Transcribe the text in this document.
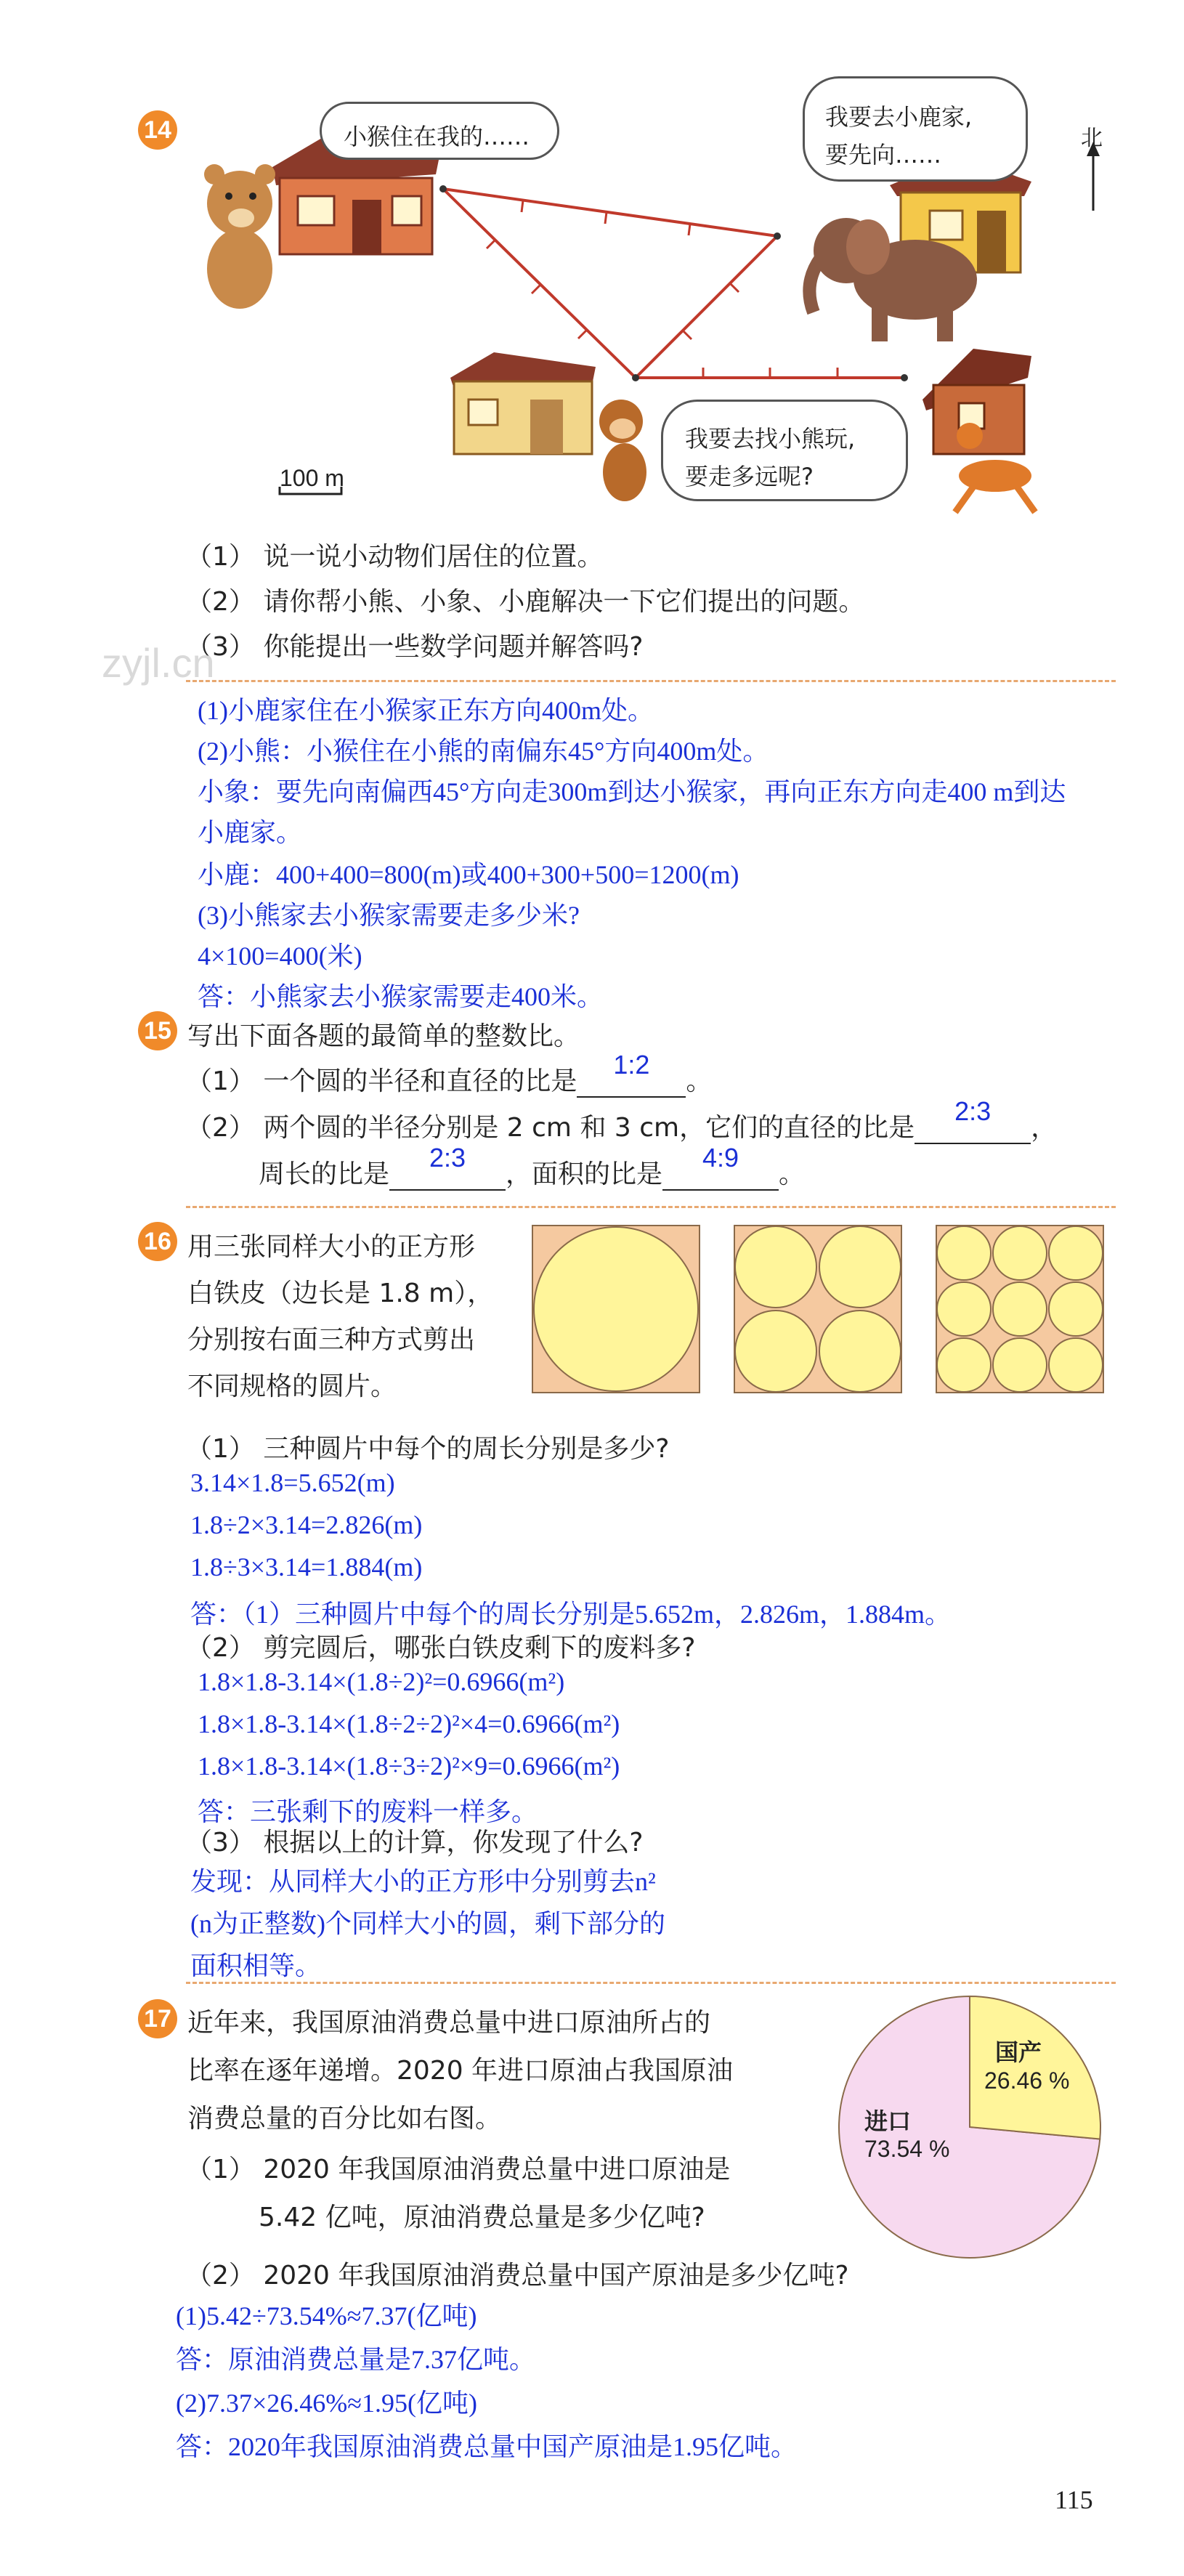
14	北
100 m
小猴住在我的……
我要去小鹿家,
要先向……
我要去找小熊玩,
要走多远呢?
（1） 说一说小动物们居住的位置。
（2） 请你帮小熊、小象、小鹿解决一下它们提出的问题。
（3） 你能提出一些数学问题并解答吗?
zyjl.cn
(1)小鹿家住在小猴家正东方向400m处。
(2)小熊：小猴住在小熊的南偏东45°方向400m处。
小象：要先向南偏西45°方向走300m到达小猴家，再向正东方向走400 m到达
小鹿家。
小鹿：400+400=800(m)或400+300+500=1200(m)
(3)小熊家去小猴家需要走多少米?
4×100=400(米)
答：小熊家去小猴家需要走400米。
15 写出下面各题的最简单的整数比。
（1） 一个圆的半径和直径的比是1:2。
（2） 两个圆的半径分别是 2 cm 和 3 cm，它们的直径的比是2:3，
周长的比是2:3，面积的比是4:9。
16 用三张同样大小的正方形
白铁皮（边长是 1.8 m），
分别按右面三种方式剪出
不同规格的圆片。
（1） 三种圆片中每个的周长分别是多少?
3.14×1.8=5.652(m)
1.8÷2×3.14=2.826(m)
1.8÷3×3.14=1.884(m)
答：（1）三种圆片中每个的周长分别是5.652m，2.826m，1.884m。
（2） 剪完圆后，哪张白铁皮剩下的废料多?
1.8×1.8-3.14×(1.8÷2)²=0.6966(m²)
1.8×1.8-3.14×(1.8÷2÷2)²×4=0.6966(m²)
1.8×1.8-3.14×(1.8÷3÷2)²×9=0.6966(m²)
答：三张剩下的废料一样多。
（3） 根据以上的计算，你发现了什么?
发现：从同样大小的正方形中分别剪去n²
(n为正整数)个同样大小的圆，剩下部分的
面积相等。
17 近年来，我国原油消费总量中进口原油所占的
比率在逐年递增。2020 年进口原油占我国原油
消费总量的百分比如右图。
（1） 2020 年我国原油消费总量中进口原油是
5.42 亿吨，原油消费总量是多少亿吨?
国产
26.46 %
进口
73.54 %
（2） 2020 年我国原油消费总量中国产原油是多少亿吨?
(1)5.42÷73.54%≈7.37(亿吨)
答：原油消费总量是7.37亿吨。
(2)7.37×26.46%≈1.95(亿吨)
答：2020年我国原油消费总量中国产原油是1.95亿吨。
115
